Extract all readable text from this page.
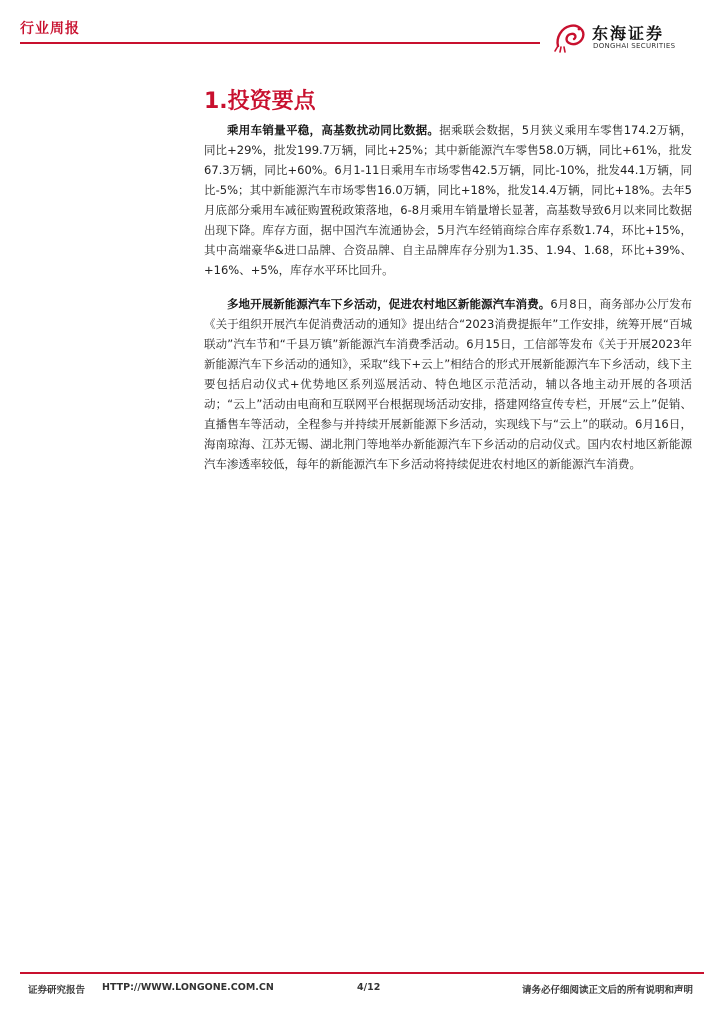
行业周报	东海证券
DONGHAI SECURITIES
1.投资要点

乘用车销量平稳，高基数扰动同比数据。据乘联会数据，5月狭义乘用车零售174.2万辆，同比+29%，批发199.7万辆，同比+25%；其中新能源汽车零售58.0万辆，同比+61%，批发67.3万辆，同比+60%。6月1-11日乘用车市场零售42.5万辆，同比-10%，批发44.1万辆，同比-5%；其中新能源汽车市场零售16.0万辆，同比+18%，批发14.4万辆，同比+18%。去年5月底部分乘用车减征购置税政策落地，6-8月乘用车销量增长显著，高基数导致6月以来同比数据出现下降。库存方面，据中国汽车流通协会，5月汽车经销商综合库存系数1.74，环比+15%，其中高端豪华&进口品牌、合资品牌、自主品牌库存分别为1.35、1.94、1.68，环比+39%、+16%、+5%，库存水平环比回升。

多地开展新能源汽车下乡活动，促进农村地区新能源汽车消费。6月8日，商务部办公厅发布《关于组织开展汽车促消费活动的通知》提出结合“2023消费提振年”工作安排，统筹开展“百城联动”汽车节和“千县万镇”新能源汽车消费季活动。6月15日，工信部等发布《关于开展2023年新能源汽车下乡活动的通知》，采取“线下+云上”相结合的形式开展新能源汽车下乡活动，线下主要包括启动仪式+优势地区系列巡展活动、特色地区示范活动，辅以各地主动开展的各项活动；“云上”活动由电商和互联网平台根据现场活动安排，搭建网络宣传专栏，开展“云上”促销、直播售车等活动，全程参与并持续开展新能源下乡活动，实现线下与“云上”的联动。6月16日，海南琼海、江苏无锡、湖北荆门等地举办新能源汽车下乡活动的启动仪式。国内农村地区新能源汽车渗透率较低，每年的新能源汽车下乡活动将持续促进农村地区的新能源汽车消费。

证券研究报告 HTTP://WWW.LONGONE.COM.CN	4/12	请务必仔细阅读正文后的所有说明和声明
